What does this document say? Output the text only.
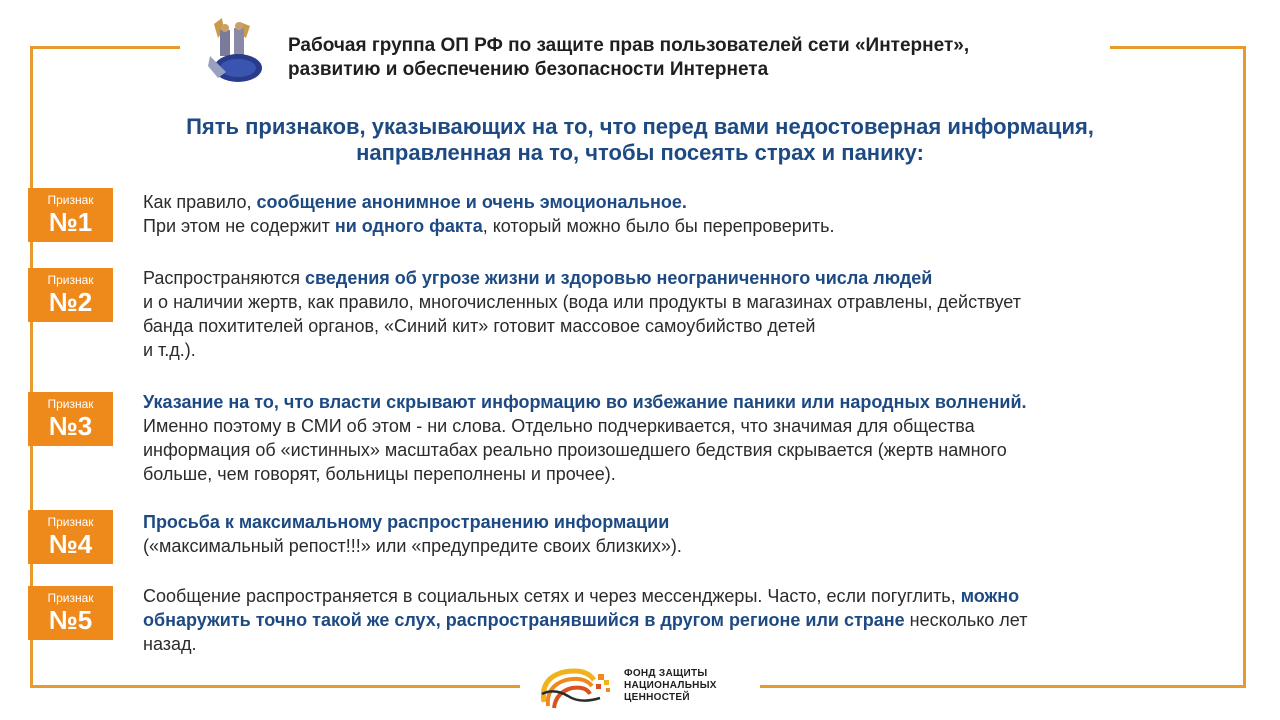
Рабочая группа ОП РФ по защите прав пользователей сети «Интернет»,
развитию и обеспечению безопасности Интернета
Пять признаков, указывающих на то, что перед вами недостоверная информация,
направленная на то, чтобы посеять страх и панику:
Признак
№1
Как правило, сообщение анонимное и очень эмоциональное.
При этом не содержит ни одного факта, который можно было бы перепроверить.
Признак
№2
Распространяются сведения об угрозе жизни и здоровью неограниченного числа людей
и о наличии жертв, как правило, многочисленных (вода или продукты в магазинах отравлены, действует
банда похитителей органов, «Синий кит» готовит массовое самоубийство детей
и т.д.).
Признак
№3
Указание на то, что власти скрывают информацию во избежание паники или народных волнений.
Именно поэтому в СМИ об этом - ни слова. Отдельно подчеркивается, что значимая для общества
информация об «истинных» масштабах реально произошедшего бедствия скрывается (жертв намного
больше, чем говорят, больницы переполнены и прочее).
Признак
№4
Просьба к максимальному распространению информации
(«максимальный репост!!!» или «предупредите своих близких»).
Признак
№5
Сообщение распространяется в социальных сетях и через мессенджеры. Часто, если погуглить, можно
обнаружить точно такой же слух, распространявшийся в другом регионе или стране несколько лет
назад.
ФОНД ЗАЩИТЫ
НАЦИОНАЛЬНЫХ
ЦЕННОСТЕЙ
